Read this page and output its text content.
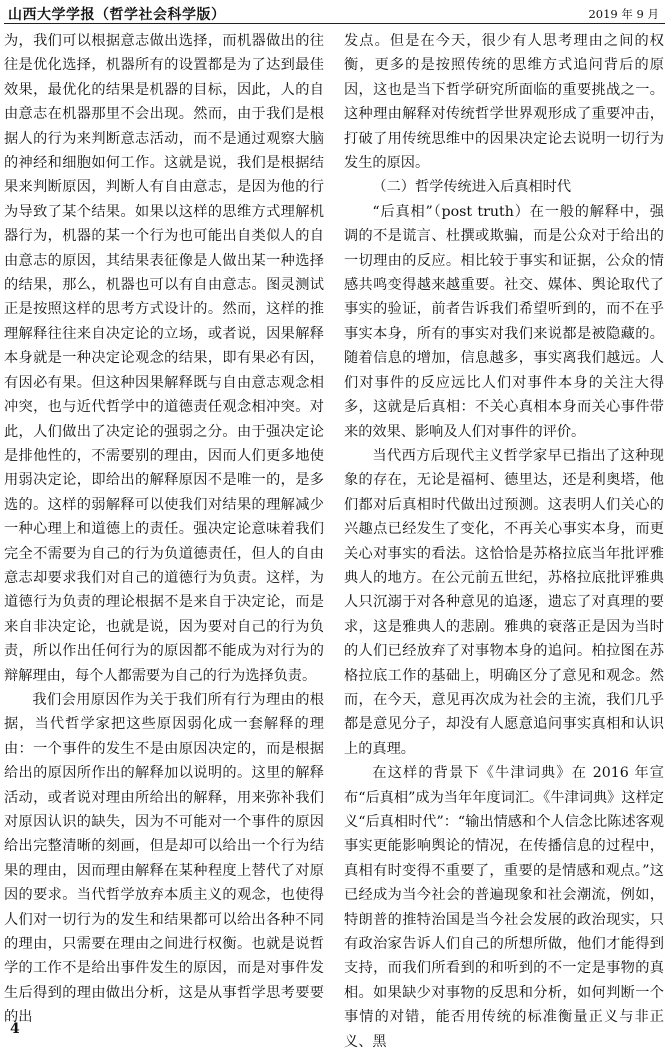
山西大学学报（哲学社会科学版）	2019 年 9 月

为，我们可以根据意志做出选择，而机器做出的往往是优化选择，机器所有的设置都是为了达到最佳效果，最优化的结果是机器的目标，因此，人的自由意志在机器那里不会出现。然而，由于我们是根据人的行为来判断意志活动，而不是通过观察大脑的神经和细胞如何工作。这就是说，我们是根据结果来判断原因，判断人有自由意志，是因为他的行为导致了某个结果。如果以这样的思维方式理解机器行为，机器的某一个行为也可能出自类似人的自由意志的原因，其结果表征像是人做出某一种选择的结果，那么，机器也可以有自由意志。图灵测试正是按照这样的思考方式设计的。然而，这样的推理解释往往来自决定论的立场，或者说，因果解释本身就是一种决定论观念的结果，即有果必有因，有因必有果。但这种因果解释既与自由意志观念相冲突，也与近代哲学中的道德责任观念相冲突。对此，人们做出了决定论的强弱之分。由于强决定论是排他性的，不需要别的理由，因而人们更多地使用弱决定论，即给出的解释原因不是唯一的，是多选的。这样的弱解释可以使我们对结果的理解减少一种心理上和道德上的责任。强决定论意味着我们完全不需要为自己的行为负道德责任，但人的自由意志却要求我们对自己的道德行为负责。这样，为道德行为负责的理论根据不是来自于决定论，而是来自非决定论，也就是说，因为要对自己的行为负责，所以作出任何行为的原因都不能成为对行为的辩解理由，每个人都需要为自己的行为选择负责。

我们会用原因作为关于我们所有行为理由的根据，当代哲学家把这些原因弱化成一套解释的理由：一个事件的发生不是由原因决定的，而是根据给出的原因所作出的解释加以说明的。这里的解释活动，或者说对理由所给出的解释，用来弥补我们对原因认识的缺失，因为不可能对一个事件的原因给出完整清晰的刻画，但是却可以给出一个行为结果的理由，因而理由解释在某种程度上替代了对原因的要求。当代哲学放弃本质主义的观念，也使得人们对一切行为的发生和结果都可以给出各种不同的理由，只需要在理由之间进行权衡。也就是说哲学的工作不是给出事件发生的原因，而是对事件发生后得到的理由做出分析，这是从事哲学思考要要的出

发点。但是在今天，很少有人思考理由之间的权衡，更多的是按照传统的思维方式追问背后的原因，这也是当下哲学研究所面临的重要挑战之一。这种理由解释对传统哲学世界观形成了重要冲击，打破了用传统思维中的因果决定论去说明一切行为发生的原因。

（二）哲学传统进入后真相时代

“后真相”（post truth）在一般的解释中，强调的不是谎言、杜撰或欺骗，而是公众对于给出的一切理由的反应。相比较于事实和证据，公众的情感共鸣变得越来越重要。社交、媒体、舆论取代了事实的验证，前者告诉我们希望听到的，而不在乎事实本身，所有的事实对我们来说都是被隐藏的。随着信息的增加，信息越多，事实离我们越远。人们对事件的反应远比人们对事件本身的关注大得多，这就是后真相：不关心真相本身而关心事件带来的效果、影响及人们对事件的评价。

当代西方后现代主义哲学家早已指出了这种现象的存在，无论是福柯、德里达，还是利奥塔，他们都对后真相时代做出过预测。这表明人们关心的兴趣点已经发生了变化，不再关心事实本身，而更关心对事实的看法。这恰恰是苏格拉底当年批评雅典人的地方。在公元前五世纪，苏格拉底批评雅典人只沉溺于对各种意见的追逐，遗忘了对真理的要求，这是雅典人的悲剧。雅典的衰落正是因为当时的人们已经放弃了对事物本身的追问。柏拉图在苏格拉底工作的基础上，明确区分了意见和观念。然而，在今天，意见再次成为社会的主流，我们几乎都是意见分子，却没有人愿意追问事实真相和认识上的真理。

在这样的背景下《牛津词典》在 2016 年宣布“后真相”成为当年年度词汇。《牛津词典》这样定义“后真相时代”：“输出情感和个人信念比陈述客观事实更能影响舆论的情况，在传播信息的过程中，真相有时变得不重要了，重要的是情感和观点。”这已经成为当今社会的普遍现象和社会潮流，例如，特朗普的推特治国是当今社会发展的政治现实，只有政治家告诉人们自己的所想所做，他们才能得到支持，而我们所看到的和听到的不一定是事物的真相。如果缺少对事物的反思和分析，如何判断一个事情的对错，能否用传统的标准衡量正义与非正义、黑

4
